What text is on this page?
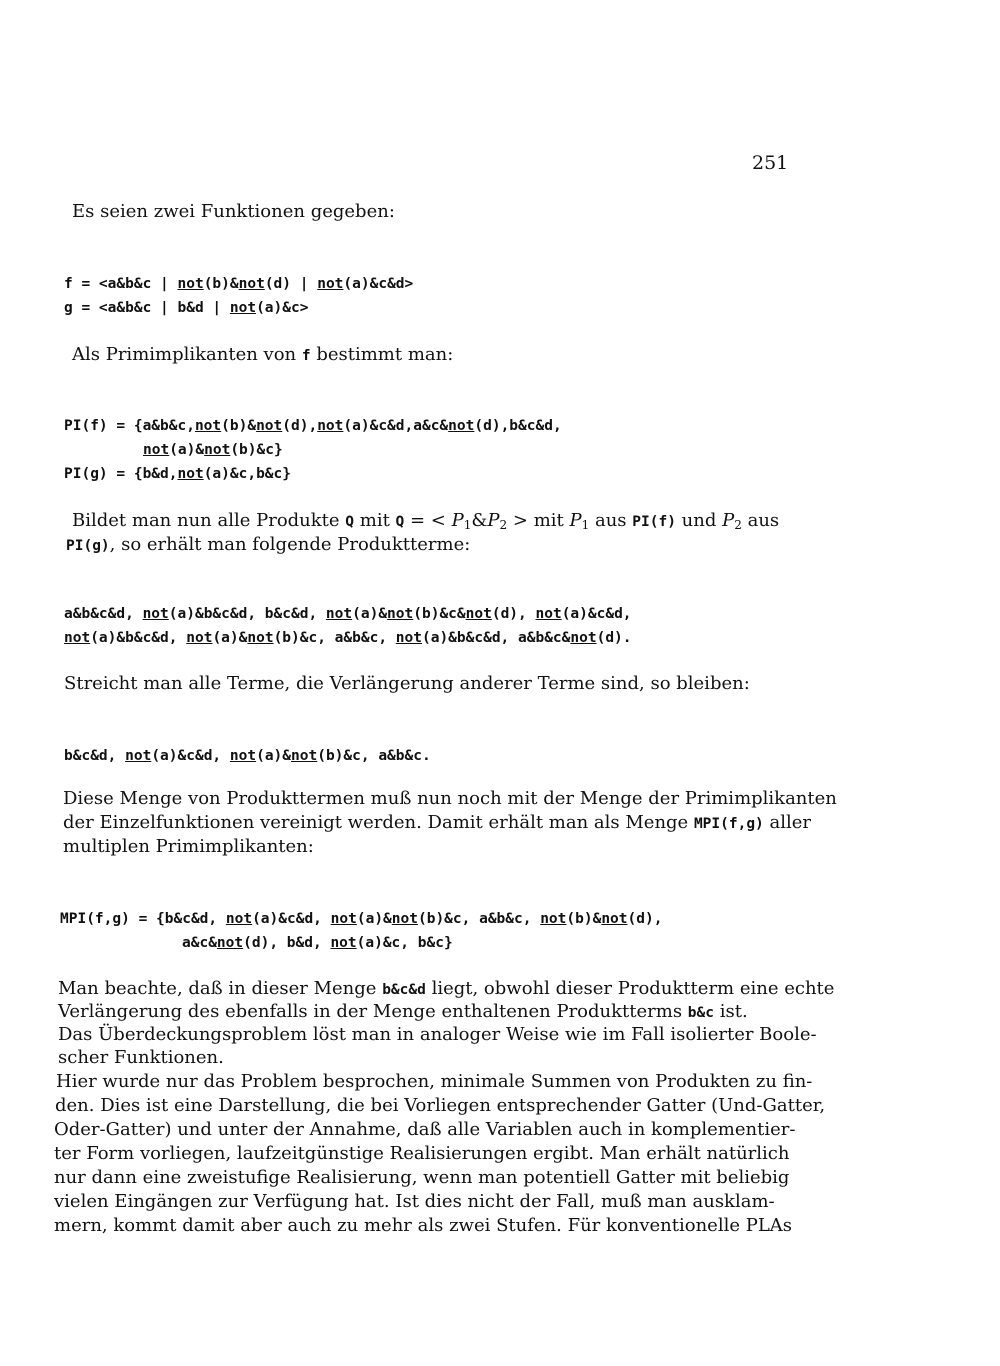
251
Es seien zwei Funktionen gegeben:
f = <a&b&c | not(b)&not(d) | not(a)&c&d>
g = <a&b&c | b&d | not(a)&c>
Als Primimplikanten von f bestimmt man:
PI(f) = {a&b&c,not(b)&not(d),not(a)&c&d,a&c&not(d),b&c&d,
not(a)&not(b)&c}
PI(g) = {b&d,not(a)&c,b&c}
Bildet man nun alle Produkte Q mit Q = < $P_1\&P_2$ > mit $P_1$ aus PI(f) und $P_2$ aus
PI(g), so erhält man folgende Produktterme:
a&b&c&d, not(a)&b&c&d, b&c&d, not(a)&not(b)&c&not(d), not(a)&c&d,
not(a)&b&c&d, not(a)&not(b)&c, a&b&c, not(a)&b&c&d, a&b&c&not(d).
Streicht man alle Terme, die Verlängerung anderer Terme sind, so bleiben:
b&c&d, not(a)&c&d, not(a)&not(b)&c, a&b&c.
Diese Menge von Produkttermen muß nun noch mit der Menge der Primimplikanten
der Einzelfunktionen vereinigt werden. Damit erhält man als Menge MPI(f,g) aller
multiplen Primimplikanten:
MPI(f,g) = {b&c&d, not(a)&c&d, not(a)&not(b)&c, a&b&c, not(b)&not(d),
a&c&not(d), b&d, not(a)&c, b&c}
Man beachte, daß in dieser Menge b&c&d liegt, obwohl dieser Produktterm eine echte
Verlängerung des ebenfalls in der Menge enthaltenen Produktterms b&c ist.
Das Überdeckungsproblem löst man in analoger Weise wie im Fall isolierter Boole-
scher Funktionen.
Hier wurde nur das Problem besprochen, minimale Summen von Produkten zu fin-
den. Dies ist eine Darstellung, die bei Vorliegen entsprechender Gatter (Und-Gatter,
Oder-Gatter) und unter der Annahme, daß alle Variablen auch in komplementier-
ter Form vorliegen, laufzeitgünstige Realisierungen ergibt. Man erhält natürlich
nur dann eine zweistufige Realisierung, wenn man potentiell Gatter mit beliebig
vielen Eingängen zur Verfügung hat. Ist dies nicht der Fall, muß man ausklam-
mern, kommt damit aber auch zu mehr als zwei Stufen. Für konventionelle PLAs
